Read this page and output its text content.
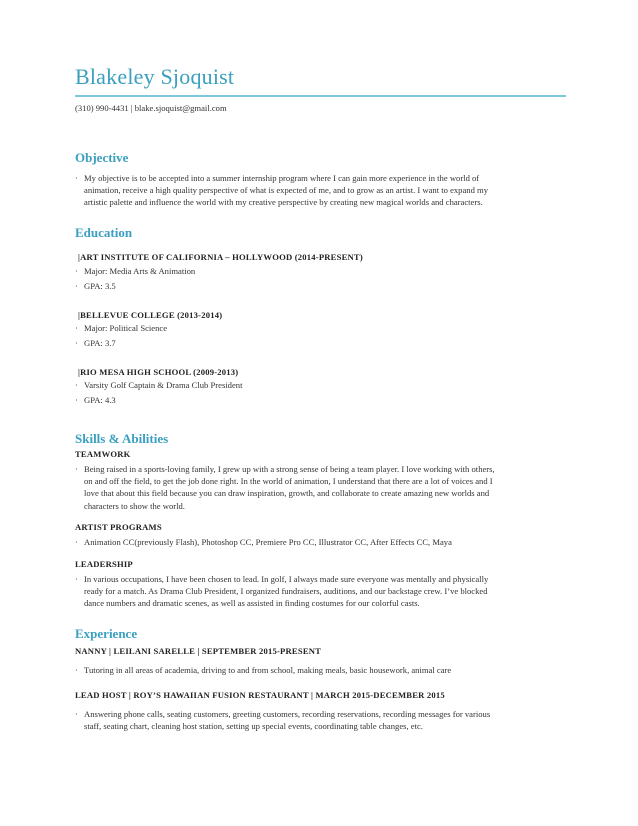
Blakeley Sjoquist
(310) 990-4431 | blake.sjoquist@gmail.com
Objective
· My objective is to be accepted into a summer internship program where I can gain more experience in the world of
animation, receive a high quality perspective of what is expected of me, and to grow as an artist. I want to expand my
artistic palette and influence the world with my creative perspective by creating new magical worlds and characters.
Education
|ART INSTITUTE OF CALIFORNIA – HOLLYWOOD (2014-PRESENT)
· Major: Media Arts & Animation
· GPA: 3.5
|BELLEVUE COLLEGE (2013-2014)
· Major: Political Science
· GPA: 3.7
|RIO MESA HIGH SCHOOL (2009-2013)
· Varsity Golf Captain & Drama Club President
· GPA: 4.3
Skills & Abilities
TEAMWORK
· Being raised in a sports-loving family, I grew up with a strong sense of being a team player. I love working with others,
on and off the field, to get the job done right. In the world of animation, I understand that there are a lot of voices and I
love that about this field because you can draw inspiration, growth, and collaborate to create amazing new worlds and
characters to show the world.
ARTIST PROGRAMS
· Animation CC(previously Flash), Photoshop CC, Premiere Pro CC, Illustrator CC, After Effects CC, Maya
LEADERSHIP
· In various occupations, I have been chosen to lead. In golf, I always made sure everyone was mentally and physically
ready for a match. As Drama Club President, I organized fundraisers, auditions, and our backstage crew. I’ve blocked
dance numbers and dramatic scenes, as well as assisted in finding costumes for our colorful casts.
Experience
NANNY | LEILANI SARELLE | SEPTEMBER 2015-PRESENT
· Tutoring in all areas of academia, driving to and from school, making meals, basic housework, animal care
LEAD HOST | ROY’S HAWAIIAN FUSION RESTAURANT | MARCH 2015-DECEMBER 2015
· Answering phone calls, seating customers, greeting customers, recording reservations, recording messages for various
staff, seating chart, cleaning host station, setting up special events, coordinating table changes, etc.
